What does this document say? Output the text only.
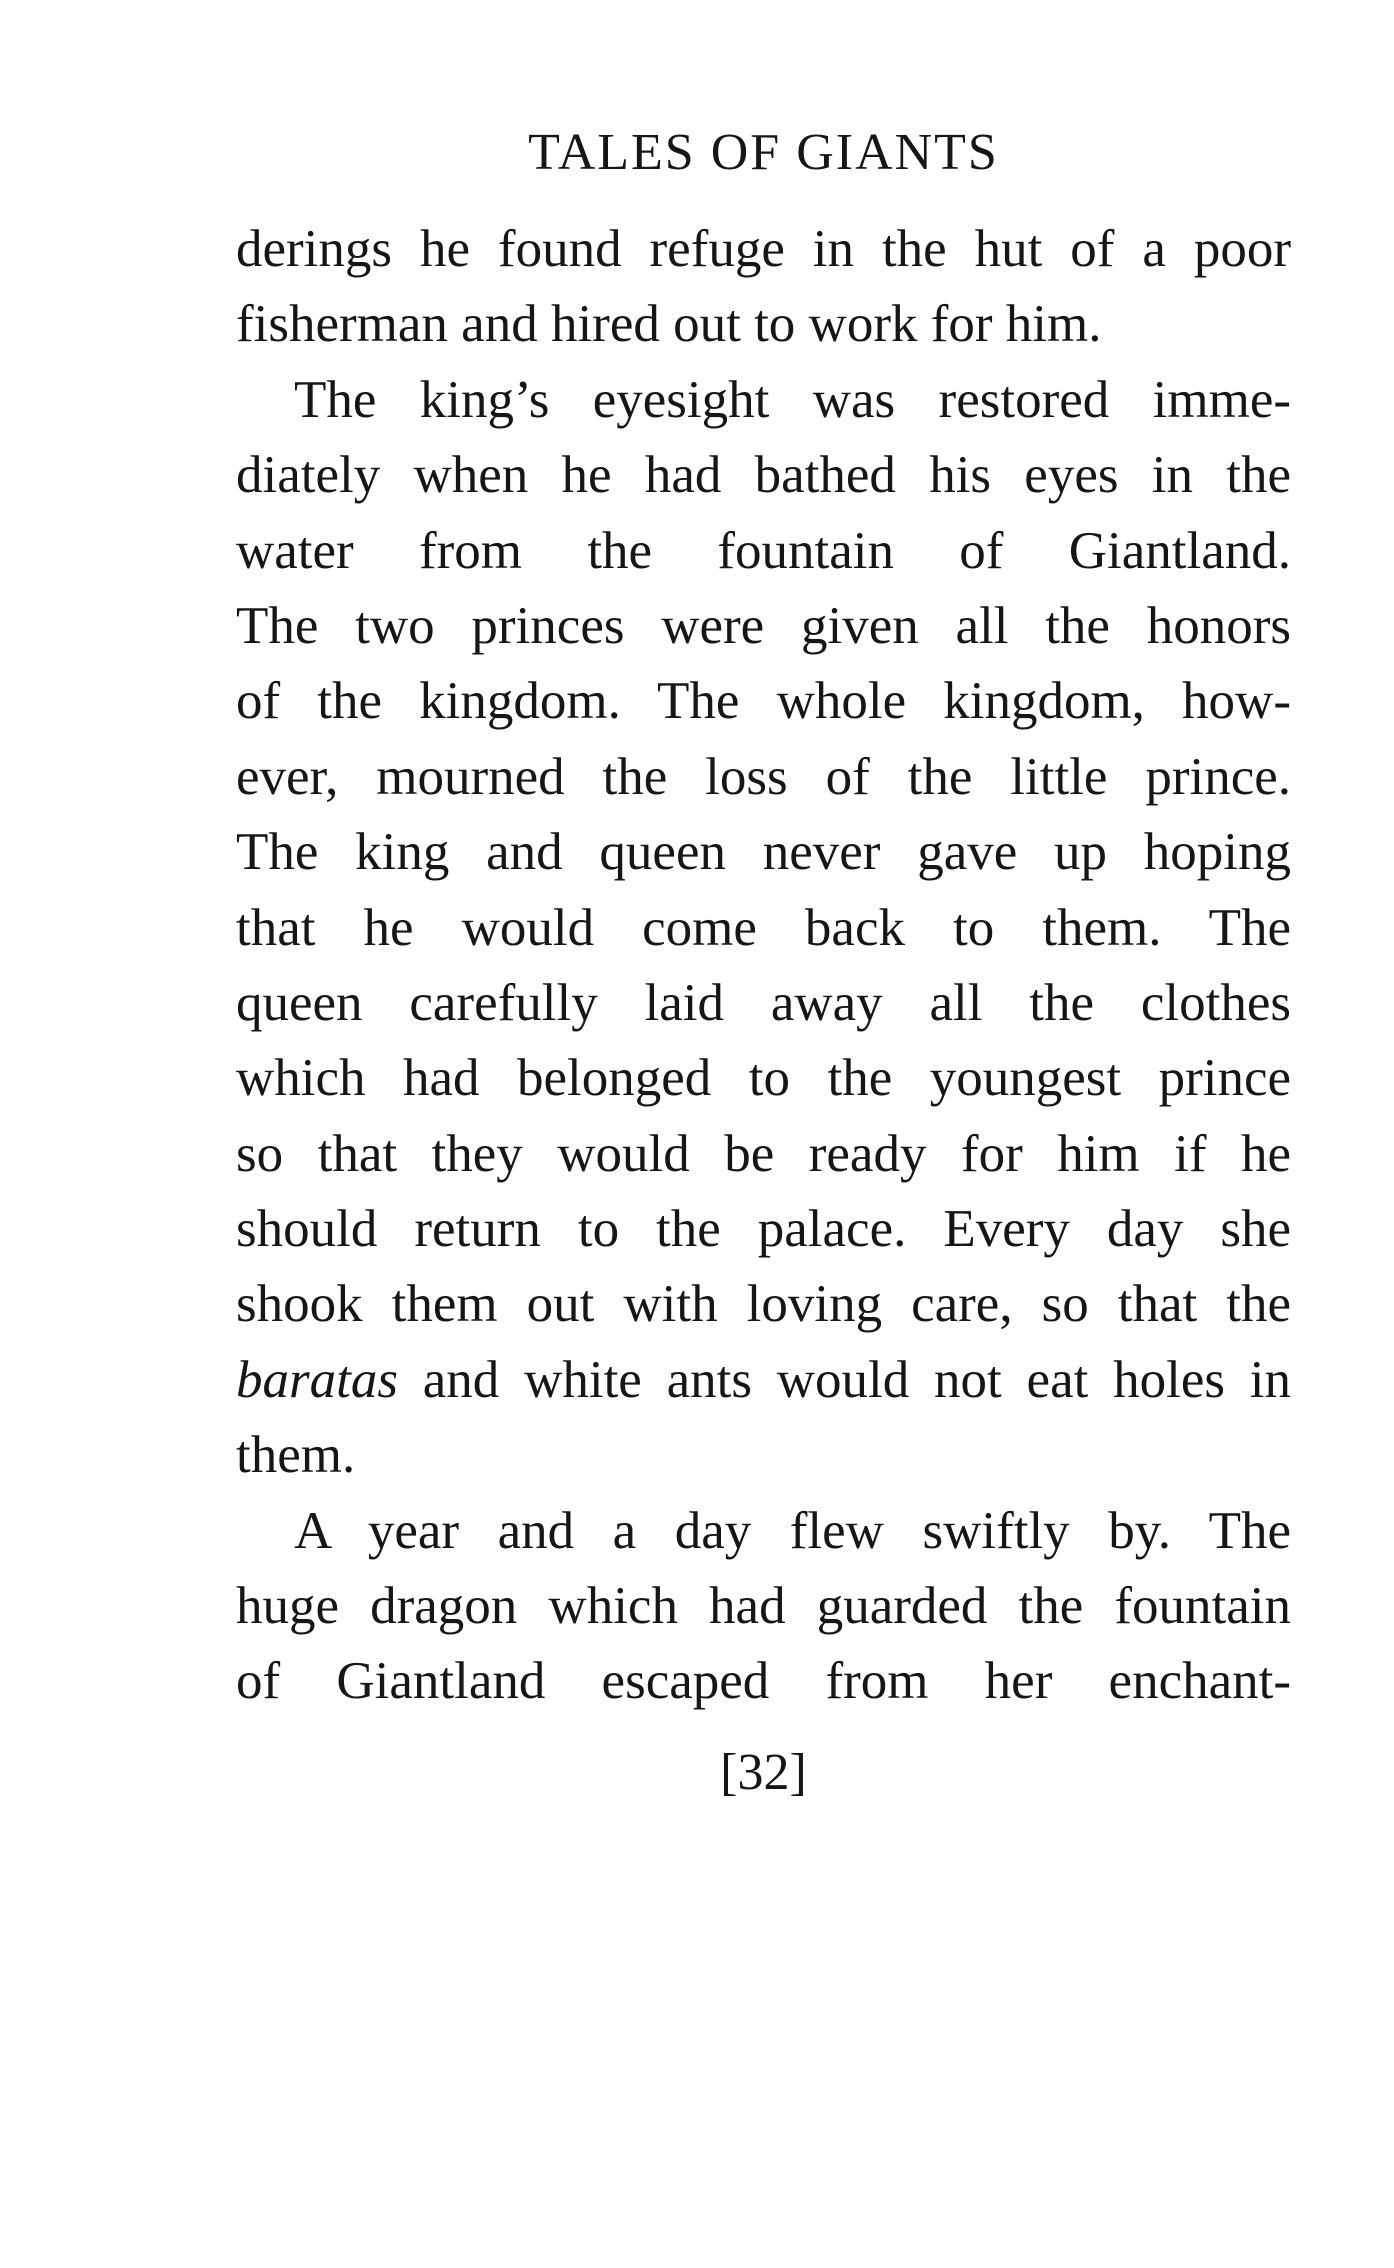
TALES OF GIANTS
derings he found refuge in the hut of a poor
fisherman and hired out to work for him.
The king’s eyesight was restored imme-
diately when he had bathed his eyes in the
water from the fountain of Giantland.
The two princes were given all the honors
of the kingdom. The whole kingdom, how-
ever, mourned the loss of the little prince.
The king and queen never gave up hoping
that he would come back to them. The
queen carefully laid away all the clothes
which had belonged to the youngest prince
so that they would be ready for him if he
should return to the palace. Every day she
shook them out with loving care, so that the
baratas and white ants would not eat holes in
them.
A year and a day flew swiftly by. The
huge dragon which had guarded the fountain
of Giantland escaped from her enchant-
[32]
